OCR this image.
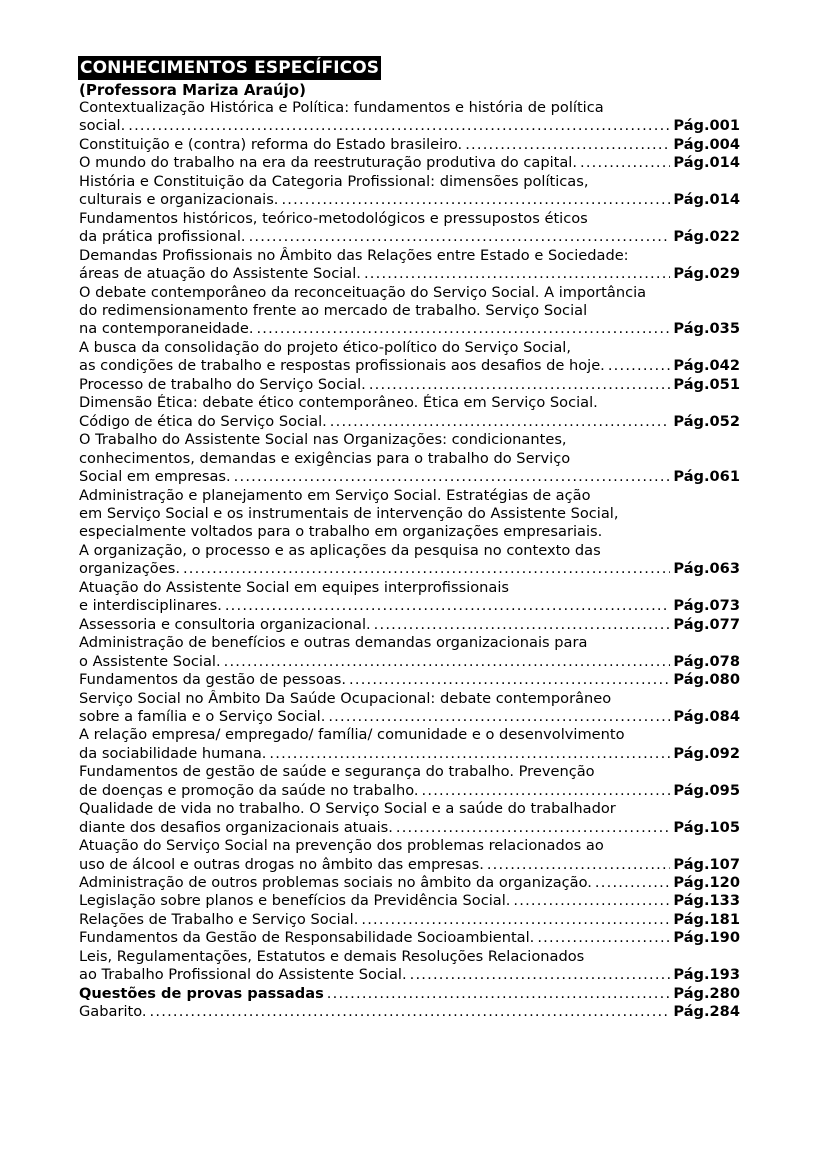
CONHECIMENTOS ESPECÍFICOS
(Professora Mariza Araújo)
Contextualização Histórica e Política: fundamentos e história de política
social. .....	Pág.001
Constituição e (contra) reforma do Estado brasileiro. .....	Pág.004
O mundo do trabalho na era da reestruturação produtiva do capital. .....	Pág.014
História e Constituição da Categoria Profissional: dimensões políticas,
culturais e organizacionais. .....	Pág.014
Fundamentos históricos, teórico-metodológicos e pressupostos éticos
da prática profissional. .....	Pág.022
Demandas Profissionais no Âmbito das Relações entre Estado e Sociedade:
áreas de atuação do Assistente Social. .....	Pág.029
O debate contemporâneo da reconceituação do Serviço Social. A importância
do redimensionamento frente ao mercado de trabalho. Serviço Social
na contemporaneidade. .....	Pág.035
A busca da consolidação do projeto ético-político do Serviço Social,
as condições de trabalho e respostas profissionais aos desafios de hoje. .....	Pág.042
Processo de trabalho do Serviço Social. .....	Pág.051
Dimensão Ética: debate ético contemporâneo. Ética em Serviço Social.
Código de ética do Serviço Social. .....	Pág.052
O Trabalho do Assistente Social nas Organizações: condicionantes,
conhecimentos, demandas e exigências para o trabalho do Serviço
Social em empresas. .....	Pág.061
Administração e planejamento em Serviço Social. Estratégias de ação
em Serviço Social e os instrumentais de intervenção do Assistente Social,
especialmente voltados para o trabalho em organizações empresariais.
A organização, o processo e as aplicações da pesquisa no contexto das
organizações. .....	Pág.063
Atuação do Assistente Social em equipes interprofissionais
e interdisciplinares. .....	Pág.073
Assessoria e consultoria organizacional. .....	Pág.077
Administração de benefícios e outras demandas organizacionais para
o Assistente Social. .....	Pág.078
Fundamentos da gestão de pessoas. .....	Pág.080
Serviço Social no Âmbito Da Saúde Ocupacional: debate contemporâneo
sobre a família e o Serviço Social. .....	Pág.084
A relação empresa/ empregado/ família/ comunidade e o desenvolvimento
da sociabilidade humana. .....	Pág.092
Fundamentos de gestão de saúde e segurança do trabalho. Prevenção
de doenças e promoção da saúde no trabalho. .....	Pág.095
Qualidade de vida no trabalho. O Serviço Social e a saúde do trabalhador
diante dos desafios organizacionais atuais. .....	Pág.105
Atuação do Serviço Social na prevenção dos problemas relacionados ao
uso de álcool e outras drogas no âmbito das empresas. .....	Pág.107
Administração de outros problemas sociais no âmbito da organização. .....	Pág.120
Legislação sobre planos e benefícios da Previdência Social. .....	Pág.133
Relações de Trabalho e Serviço Social. .....	Pág.181
Fundamentos da Gestão de Responsabilidade Socioambiental. .....	Pág.190
Leis, Regulamentações, Estatutos e demais Resoluções Relacionados
ao Trabalho Profissional do Assistente Social. .....	Pág.193
Questões de provas passadas .....	Pág.280
Gabarito. .....	Pág.284
